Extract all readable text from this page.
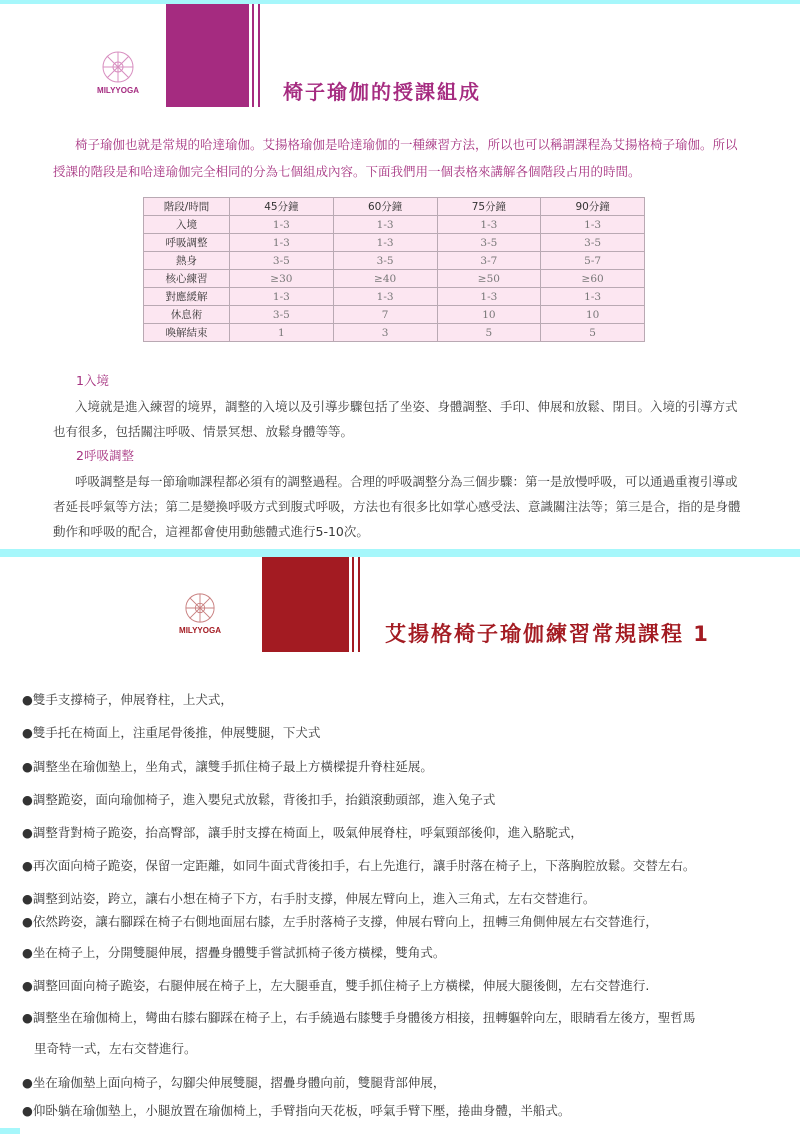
MILYYOGA	椅子瑜伽的授課組成
椅子瑜伽也就是常規的哈達瑜伽。艾揚格瑜伽是哈達瑜伽的一種練習方法，所以也可以稱謂課程為艾揚格椅子瑜伽。所以
授課的階段是和哈達瑜伽完全相同的分為七個組成內容。下面我們用一個表格來講解各個階段占用的時間。
階段/時間	45分鐘	60分鐘	75分鐘	90分鐘
入境	1-3	1-3	1-3	1-3
呼吸調整	1-3	1-3	3-5	3-5
熱身	3-5	3-5	3-7	5-7
核心練習	≥30	≥40	≥50	≥60
對應緩解	1-3	1-3	1-3	1-3
休息術	3-5	7	10	10
喚解結束	1	3	5	5
1入境
入境就是進入練習的境界，調整的入境以及引導步驟包括了坐姿、身體調整、手印、伸展和放鬆、閉目。入境的引導方式
也有很多，包括關注呼吸、情景冥想、放鬆身體等等。
2呼吸調整
呼吸調整是每一節瑜咖課程都必須有的調整過程。合理的呼吸調整分為三個步驟：第一是放慢呼吸，可以通過重複引導或
者延長呼氣等方法；第二是變換呼吸方式到腹式呼吸，方法也有很多比如掌心感受法、意識關注法等；第三是合，指的是身體
動作和呼吸的配合，這裡都會使用動態體式進行5-10次。
MILYYOGA	艾揚格椅子瑜伽練習常規課程 1
●雙手支撐椅子，伸展脊柱，上犬式，
●雙手托在椅面上，注重尾骨後推，伸展雙腿，下犬式
●調整坐在瑜伽墊上，坐角式，讓雙手抓住椅子最上方橫樑提升脊柱延展。
●調整跪姿，面向瑜伽椅子，進入嬰兒式放鬆，背後扣手，抬鎖滾動頭部，進入兔子式
●調整背對椅子跪姿，抬高臀部，讓手肘支撐在椅面上，吸氣伸展脊柱，呼氣頸部後仰，進入駱駝式，
●再次面向椅子跪姿，保留一定距離，如同牛面式背後扣手，右上先進行，讓手肘落在椅子上，下落胸腔放鬆。交替左右。
●調整到站姿，跨立，讓右小想在椅子下方，右手肘支撐，伸展左臂向上，進入三角式，左右交替進行。
●依然跨姿，讓右腳踩在椅子右側地面屈右膝，左手肘落椅子支撐，伸展右臂向上，扭轉三角側伸展左右交替進行，
●坐在椅子上，分開雙腿伸展，摺疊身體雙手嘗試抓椅子後方橫樑，雙角式。
●調整回面向椅子跪姿，右腿伸展在椅子上，左大腿垂直，雙手抓住椅子上方橫樑，伸展大腿後側，左右交替進行.
●調整坐在瑜伽椅上，彎曲右膝右腳踩在椅子上，右手繞過右膝雙手身體後方相接，扭轉軀幹向左，眼睛看左後方，聖哲馬
里奇特一式，左右交替進行。
●坐在瑜伽墊上面向椅子，勾腳尖伸展雙腿，摺疊身體向前，雙腿背部伸展，
●仰卧躺在瑜伽墊上，小腿放置在瑜伽椅上，手臂指向天花板，呼氣手臂下壓，捲曲身體，半船式。
